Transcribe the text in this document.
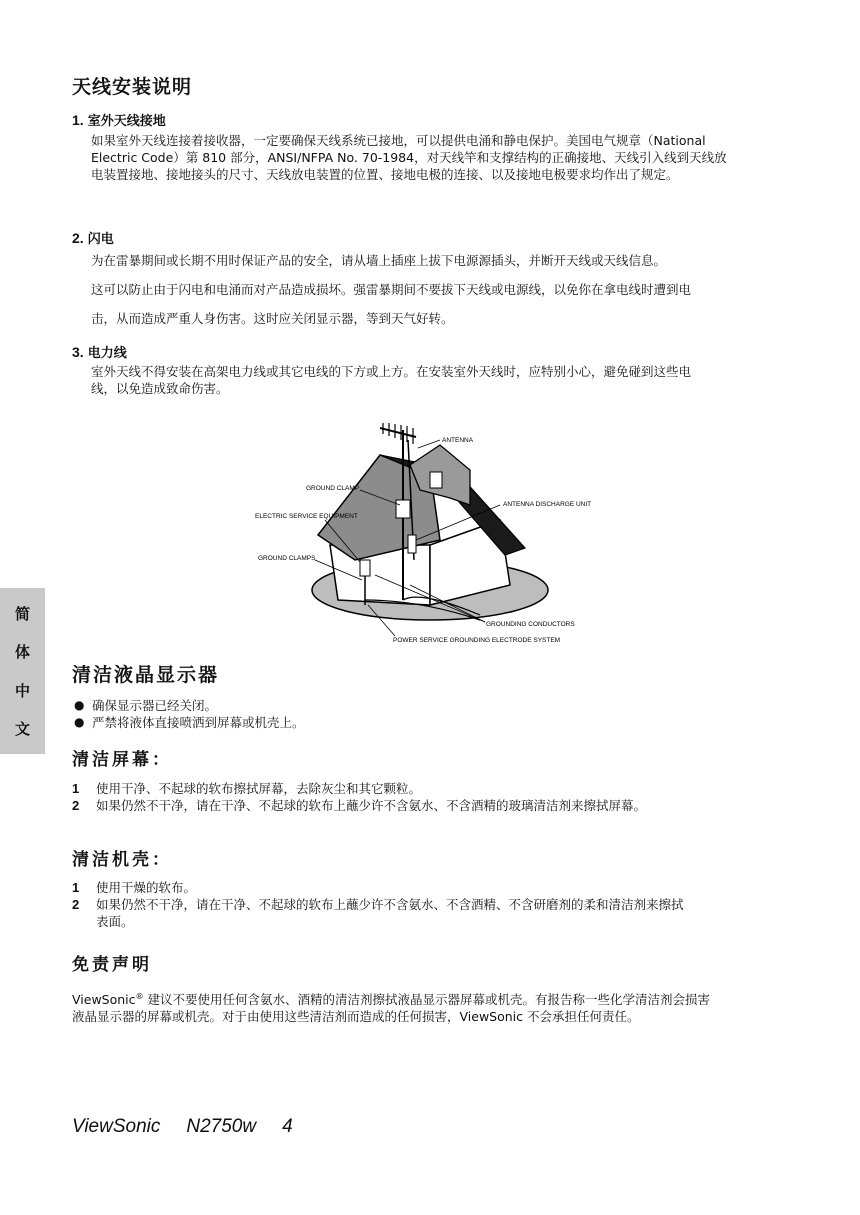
天线安装说明
1. 室外天线接地
如果室外天线连接着接收器，一定要确保天线系统已接地，可以提供电涌和静电保护。美国电气规章（National
Electric Code）第 810 部分，ANSI/NFPA No. 70-1984，对天线竿和支撑结构的正确接地、天线引入线到天线放
电装置接地、接地接头的尺寸、天线放电装置的位置、接地电极的连接、以及接地电极要求均作出了规定。
2. 闪电
为在雷暴期间或长期不用时保证产品的安全，请从墙上插座上拔下电源源插头，并断开天线或天线信息。
这可以防止由于闪电和电涌而对产品造成损坏。强雷暴期间不要拔下天线或电源线，以免你在拿电线时遭到电
击，从而造成严重人身伤害。这时应关闭显示器，等到天气好转。
3. 电力线
室外天线不得安装在高架电力线或其它电线的下方或上方。在安装室外天线时，应特别小心，避免碰到这些电
线，以免造成致命伤害。
ANTENNA
GROUND CLAMP
ELECTRIC SERVICE EQUIPMENT
GROUND CLAMPS
ANTENNA DISCHARGE UNIT
GROUNDING CONDUCTORS
POWER SERVICE GROUNDING ELECTRODE SYSTEM
简
体
中
文
清洁液晶显示器
● 确保显示器已经关闭。
● 严禁将液体直接喷洒到屏幕或机壳上。
清洁屏幕：
1	使用干净、不起球的软布擦拭屏幕，去除灰尘和其它颗粒。
2	如果仍然不干净，请在干净、不起球的软布上蘸少许不含氨水、不含酒精的玻璃清洁剂来擦拭屏幕。
清洁机壳：
1	使用干燥的软布。
2	如果仍然不干净，请在干净、不起球的软布上蘸少许不含氨水、不含酒精、不含研磨剂的柔和清洁剂来擦拭
表面。
免责声明
ViewSonic® 建议不要使用任何含氨水、酒精的清洁剂擦拭液晶显示器屏幕或机壳。有报告称一些化学清洁剂会损害
液晶显示器的屏幕或机壳。对于由使用这些清洁剂而造成的任何损害，ViewSonic 不会承担任何责任。
ViewSonic N2750w 4
